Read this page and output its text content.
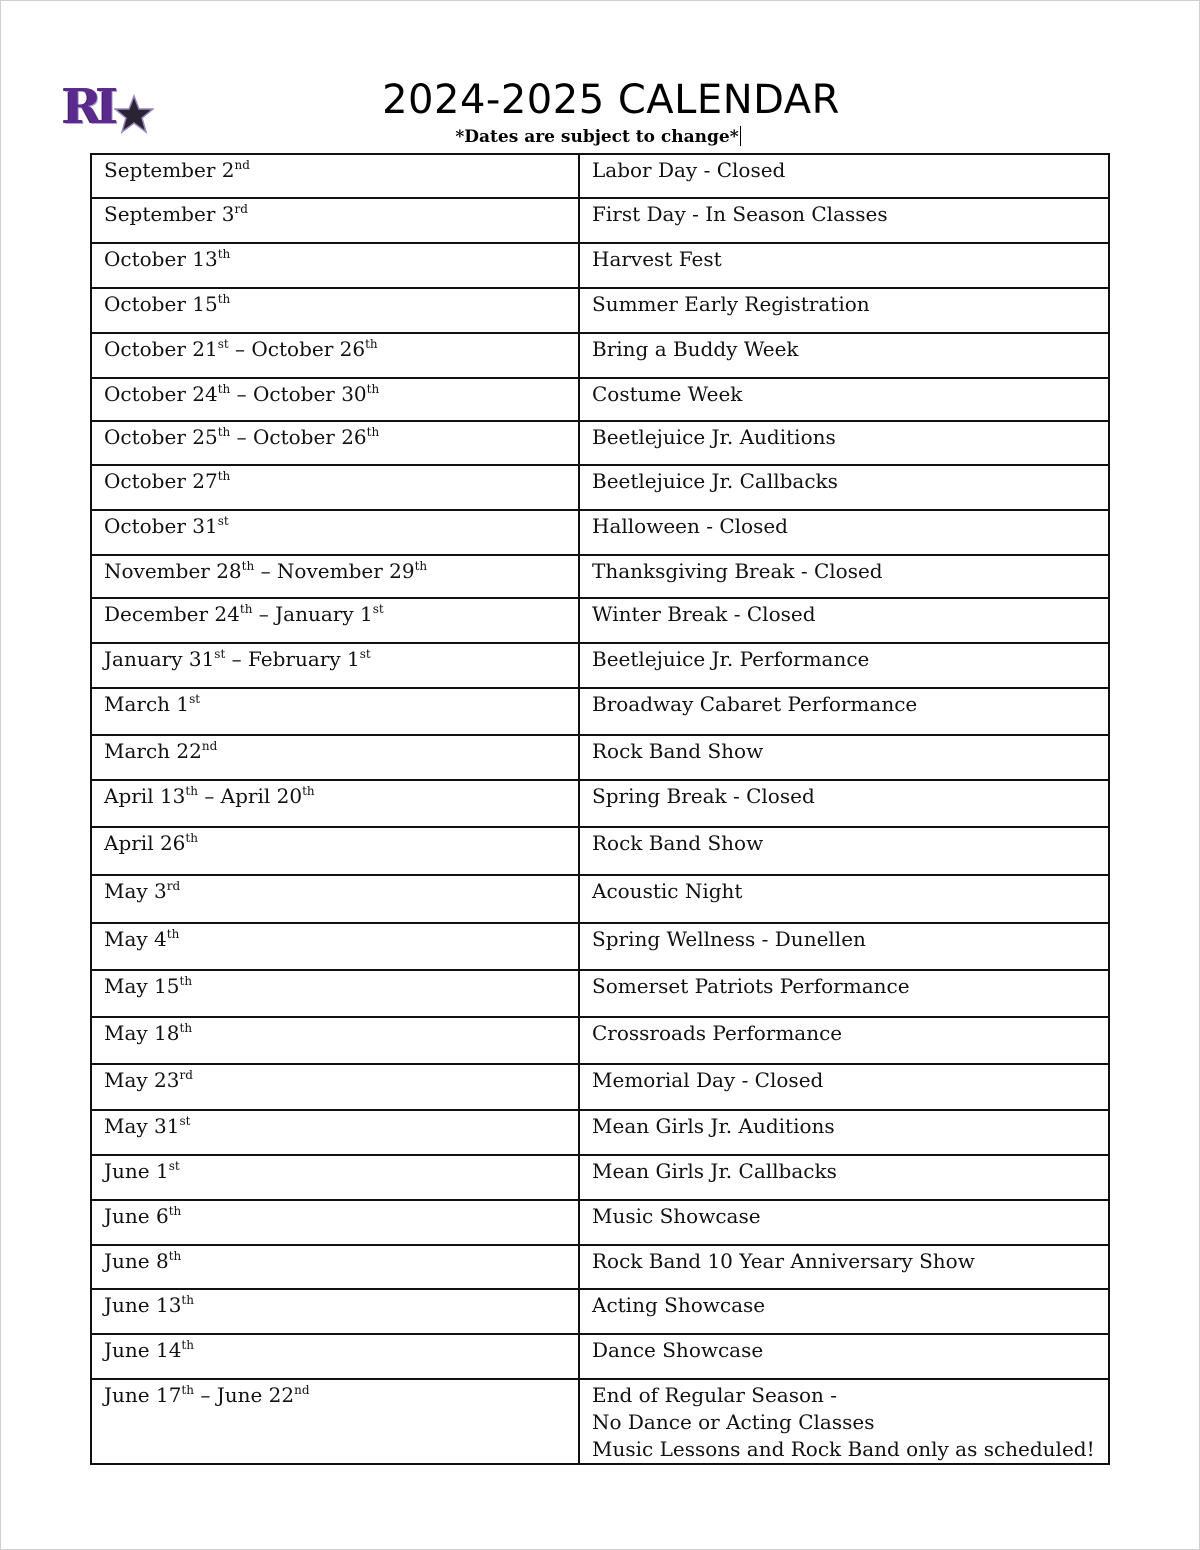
RI	2024-2025 CALENDAR
*Dates are subject to change*
September 2nd	Labor Day - Closed

September 3rd	First Day - In Season Classes

October 13th	Harvest Fest

October 15th	Summer Early Registration

October 21st – October 26th	Bring a Buddy Week

October 24th – October 30th	Costume Week

October 25th – October 26th	Beetlejuice Jr. Auditions

October 27th	Beetlejuice Jr. Callbacks

October 31st	Halloween - Closed

November 28th – November 29th	Thanksgiving Break - Closed

December 24th – January 1st	Winter Break - Closed

January 31st – February 1st	Beetlejuice Jr. Performance

March 1st	Broadway Cabaret Performance

March 22nd	Rock Band Show

April 13th – April 20th	Spring Break - Closed

April 26th	Rock Band Show

May 3rd	Acoustic Night

May 4th	Spring Wellness - Dunellen

May 15th	Somerset Patriots Performance

May 18th	Crossroads Performance

May 23rd	Memorial Day - Closed

May 31st	Mean Girls Jr. Auditions

June 1st	Mean Girls Jr. Callbacks

June 6th	Music Showcase

June 8th	Rock Band 10 Year Anniversary Show

June 13th	Acting Showcase

June 14th	Dance Showcase

June 17th – June 22nd	End of Regular Season -
No Dance or Acting Classes
Music Lessons and Rock Band only as scheduled!
